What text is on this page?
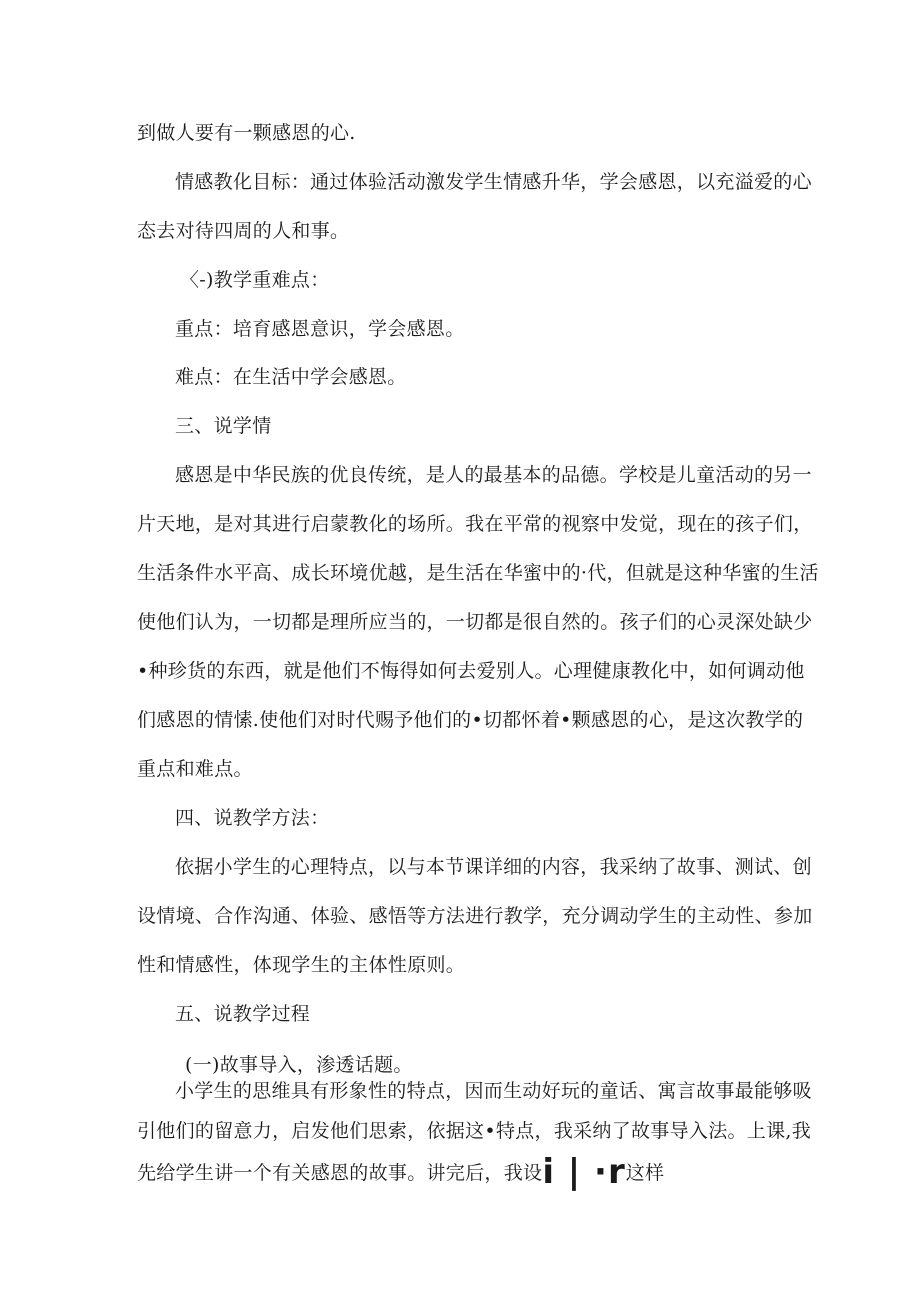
到做人要有一颗感恩的心.
情感教化目标：通过体验活动激发学生情感升华，学会感恩，以充溢爱的心
态去对待四周的人和事。
〈-)教学重难点：
重点：培育感恩意识，学会感恩。
难点：在生活中学会感恩。
三、说学情
感恩是中华民族的优良传统，是人的最基本的品德。学校是儿童活动的另一
片天地，是对其进行启蒙教化的场所。我在平常的视察中发觉，现在的孩子们，
生活条件水平高、成长环境优越，是生活在华蜜中的·代，但就是这种华蜜的生活
使他们认为，一切都是理所应当的，一切都是很自然的。孩子们的心灵深处缺少
•种珍货的东西，就是他们不悔得如何去爱别人。心理健康教化中，如何调动他
们感恩的情愫.使他们对时代赐予他们的•切都怀着•颗感恩的心，是这次教学的
重点和难点。
四、说教学方法：
依据小学生的心理特点，以与本节课详细的内容，我采纳了故事、测试、创
设情境、合作沟通、体验、感悟等方法进行教学，充分调动学生的主动性、参加
性和情感性，体现学生的主体性原则。
五、说教学过程
(一)故事导入，渗透话题。
小学生的思维具有形象性的特点，因而生动好玩的童话、寓言故事最能够吸
引他们的留意力，启发他们思索，依据这•特点，我采纳了故事导入法。上课,我
先给学生讲一个有关感恩的故事。讲完后，我设i | ·r这样
